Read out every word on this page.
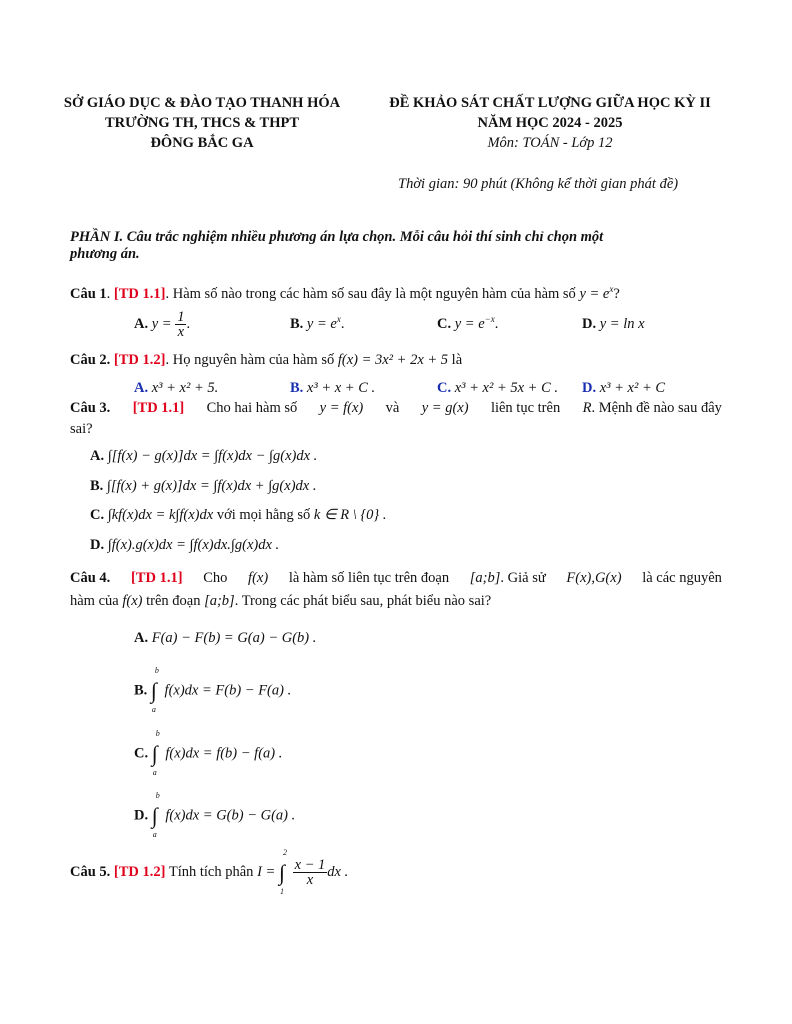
SỞ GIÁO DỤC & ĐÀO TẠO THANH HÓA
TRƯỜNG TH, THCS & THPT
ĐÔNG BẮC GA
ĐỀ KHẢO SÁT CHẤT LƯỢNG GIỮA HỌC KỲ II
NĂM HỌC 2024 - 2025
Môn: TOÁN - Lớp 12
Thời gian: 90 phút (Không kể thời gian phát đề)
PHẦN I. Câu trắc nghiệm nhiều phương án lựa chọn. Mỗi câu hỏi thí sinh chỉ chọn một
phương án.
Câu 1. [TD 1.1]. Hàm số nào trong các hàm số sau đây là một nguyên hàm của hàm số $y = e^x$?
A. $y = \frac{1}{x}$ .	B. $y = e^x$.	C. $y = e^{-x}$.	D. y = ln x
Câu 2. [TD 1.2]. Họ nguyên hàm của hàm số f(x) = 3x² + 2x + 5 là
A. x³ + x² + 5.	B. x³ + x + C .	C. x³ + x² + 5x + C . D. x³ + x² + C
Câu 3. [TD 1.1] Cho hai hàm số y = f(x) và y = g(x) liên tục trên R. Mệnh đề nào sau đây
sai?
A. ∫[f(x) − g(x)]dx = ∫f(x)dx − ∫g(x)dx .
B. ∫[f(x) + g(x)]dx = ∫f(x)dx + ∫g(x)dx .
C. ∫kf(x)dx = k∫f(x)dx với mọi hằng số k ∈ R \ {0} .
D. ∫f(x).g(x)dx = ∫f(x)dx.∫g(x)dx .
Câu 4. [TD 1.1] Cho f(x) là hàm số liên tục trên đoạn [a;b]. Giả sử F(x),G(x) là các nguyên
hàm của f(x) trên đoạn [a;b]. Trong các phát biểu sau, phát biểu nào sai?
A. F(a) − F(b) = G(a) − G(b) .
B. ∫
b
a
f(x)dx = F(b) − F(a) .
C. ∫
b
a
f(x)dx = f(b) − f(a) .
D. ∫
b
a
f(x)dx = G(b) − G(a) .
Câu 5. [TD 1.2] Tính tích phân I = ∫
2
1

$\frac{x - 1}{x}$ dx .
